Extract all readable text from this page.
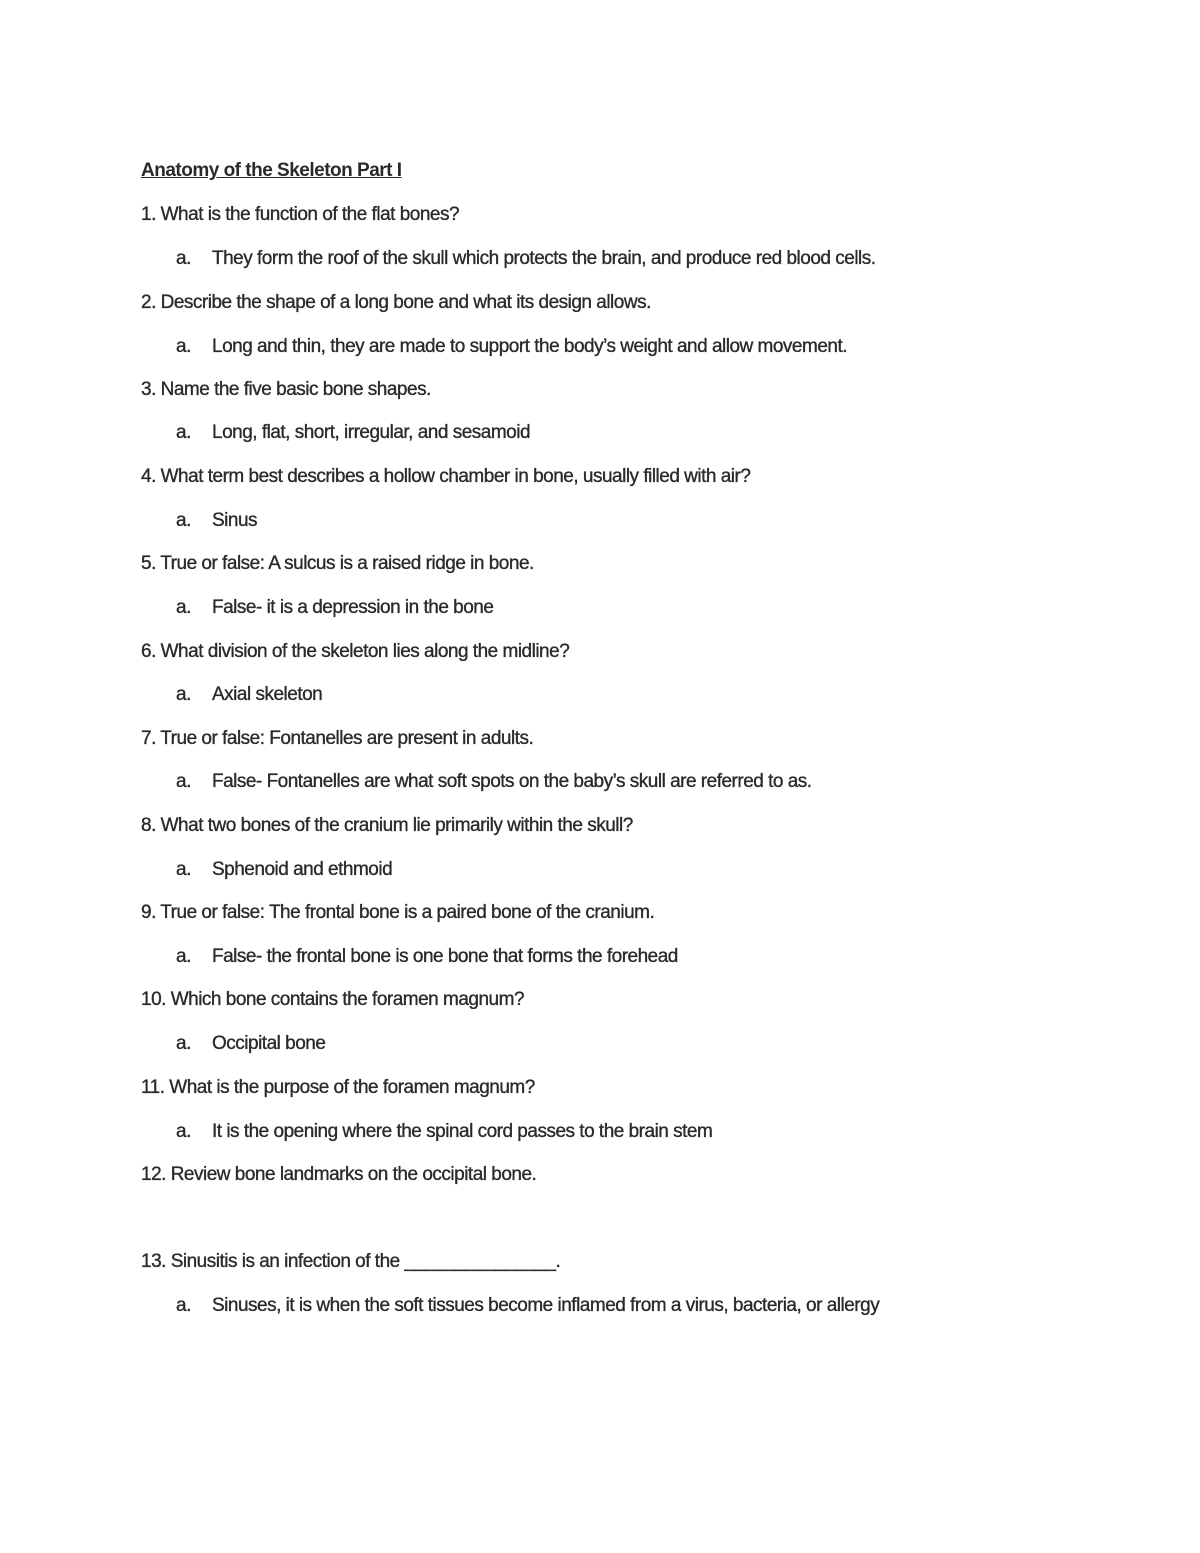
Anatomy of the Skeleton Part I
1. What is the function of the flat bones?
a. They form the roof of the skull which protects the brain, and produce red blood cells.
2. Describe the shape of a long bone and what its design allows.
a. Long and thin, they are made to support the body’s weight and allow movement.
3. Name the five basic bone shapes.
a. Long, flat, short, irregular, and sesamoid
4. What term best describes a hollow chamber in bone, usually filled with air?
a. Sinus
5. True or false: A sulcus is a raised ridge in bone.
a. False- it is a depression in the bone
6. What division of the skeleton lies along the midline?
a. Axial skeleton
7. True or false: Fontanelles are present in adults.
a. False- Fontanelles are what soft spots on the baby’s skull are referred to as.
8. What two bones of the cranium lie primarily within the skull?
a. Sphenoid and ethmoid
9. True or false: The frontal bone is a paired bone of the cranium.
a. False- the frontal bone is one bone that forms the forehead
10. Which bone contains the foramen magnum?
a. Occipital bone
11. What is the purpose of the foramen magnum?
a. It is the opening where the spinal cord passes to the brain stem
12. Review bone landmarks on the occipital bone.
13. Sinusitis is an infection of the _______________.
a. Sinuses, it is when the soft tissues become inflamed from a virus, bacteria, or allergy
